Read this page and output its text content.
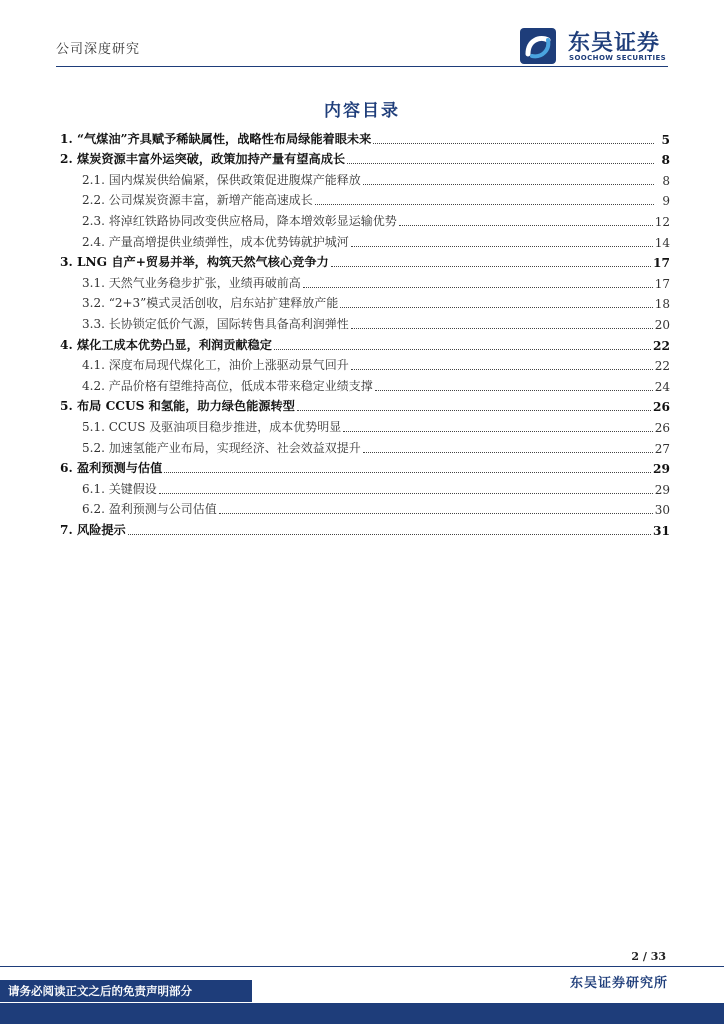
公司深度研究	东吴证券
SOOCHOW SECURITIES
内容目录
1. “气煤油”齐具赋予稀缺属性，战略性布局绿能着眼未来	5
2. 煤炭资源丰富外运突破，政策加持产量有望高成长	8
2.1. 国内煤炭供给偏紧，保供政策促进腹煤产能释放	8
2.2. 公司煤炭资源丰富，新增产能高速成长	9
2.3. 将淖红铁路协同改变供应格局，降本增效彰显运输优势	12
2.4. 产量高增提供业绩弹性，成本优势铸就护城河	14
3. LNG 自产+贸易并举，构筑天然气核心竞争力	17
3.1. 天然气业务稳步扩张，业绩再破前高	17
3.2. “2+3”模式灵活创收，启东站扩建释放产能	18
3.3. 长协锁定低价气源，国际转售具备高利润弹性	20
4. 煤化工成本优势凸显，利润贡献稳定	22
4.1. 深度布局现代煤化工，油价上涨驱动景气回升	22
4.2. 产品价格有望维持高位，低成本带来稳定业绩支撑	24
5. 布局 CCUS 和氢能，助力绿色能源转型	26
5.1. CCUS 及驱油项目稳步推进，成本优势明显	26
5.2. 加速氢能产业布局，实现经济、社会效益双提升	27
6. 盈利预测与估值	29
6.1. 关键假设	29
6.2. 盈利预测与公司估值	30
7. 风险提示	31
2 / 33
请务必阅读正文之后的免责声明部分	东吴证券研究所
